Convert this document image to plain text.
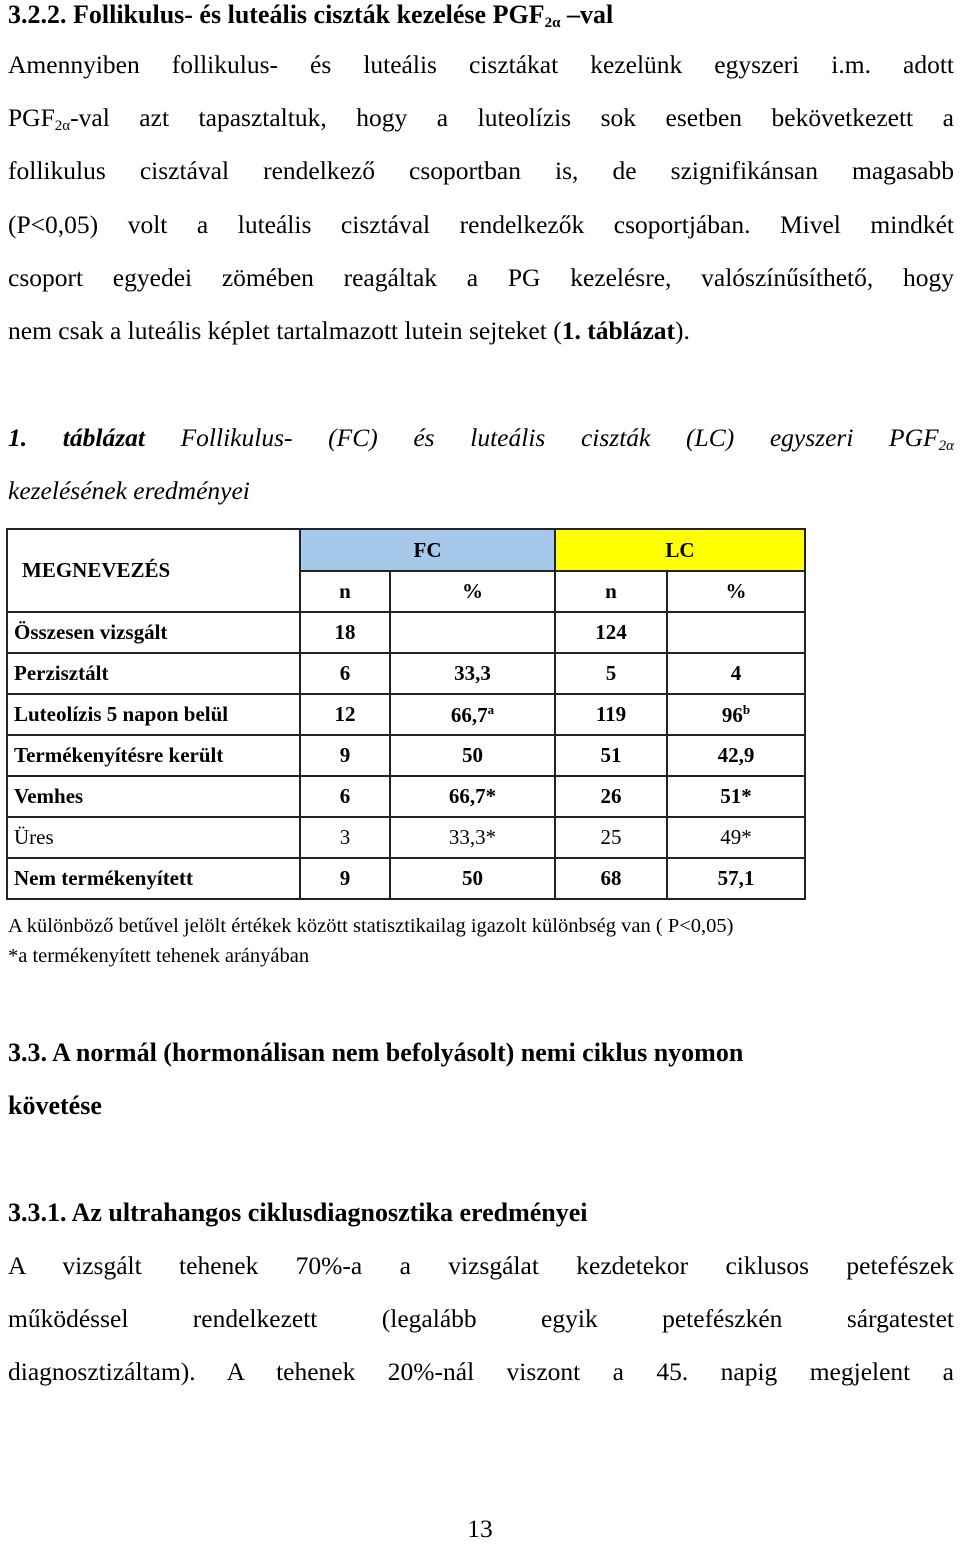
3.2.2. Follikulus- és luteális ciszták kezelése $PGF_{2\alpha}$ –val
Amennyiben follikulus- és luteális cisztákat kezelünk egyszeri i.m. adott
$PGF_{2\alpha}$-val azt tapasztaltuk, hogy a luteolízis sok esetben bekövetkezett a
follikulus cisztával rendelkező csoportban is, de szignifikánsan magasabb
(P<0,05) volt a luteális cisztával rendelkezők csoportjában. Mivel mindkét
csoport egyedei zömében reagáltak a PG kezelésre, valószínűsíthető, hogy
nem csak a luteális képlet tartalmazott lutein sejteket (1. táblázat).
1. táblázat Follikulus- (FC) és luteális ciszták (LC) egyszeri $PGF_{2\alpha}$
kezelésének eredményei
MEGNEVEZÉS	FC		LC	
	n	%	n	%
Összesen vizsgált	18		124	
Perzisztált	6	33,3	5	4
Luteolízis 5 napon belül	12	66,7$^a$	119	96$^b$
Termékenyítésre került	9	50	51	42,9
Vemhes	6	66,7*	26	51*
Üres	3	33,3*	25	49*
Nem termékenyített	9	50	68	57,1
A különböző betűvel jelölt értékek között statisztikailag igazolt különbség van ( P<0,05)
*a termékenyített tehenek arányában
3.3. A normál (hormonálisan nem befolyásolt) nemi ciklus nyomon
követése
3.3.1. Az ultrahangos ciklusdiagnosztika eredményei
A vizsgált tehenek 70%-a a vizsgálat kezdetekor ciklusos petefészek
működéssel rendelkezett (legalább egyik petefészkén sárgatestet
diagnosztizáltam). A tehenek 20%-nál viszont a 45. napig megjelent a
13
